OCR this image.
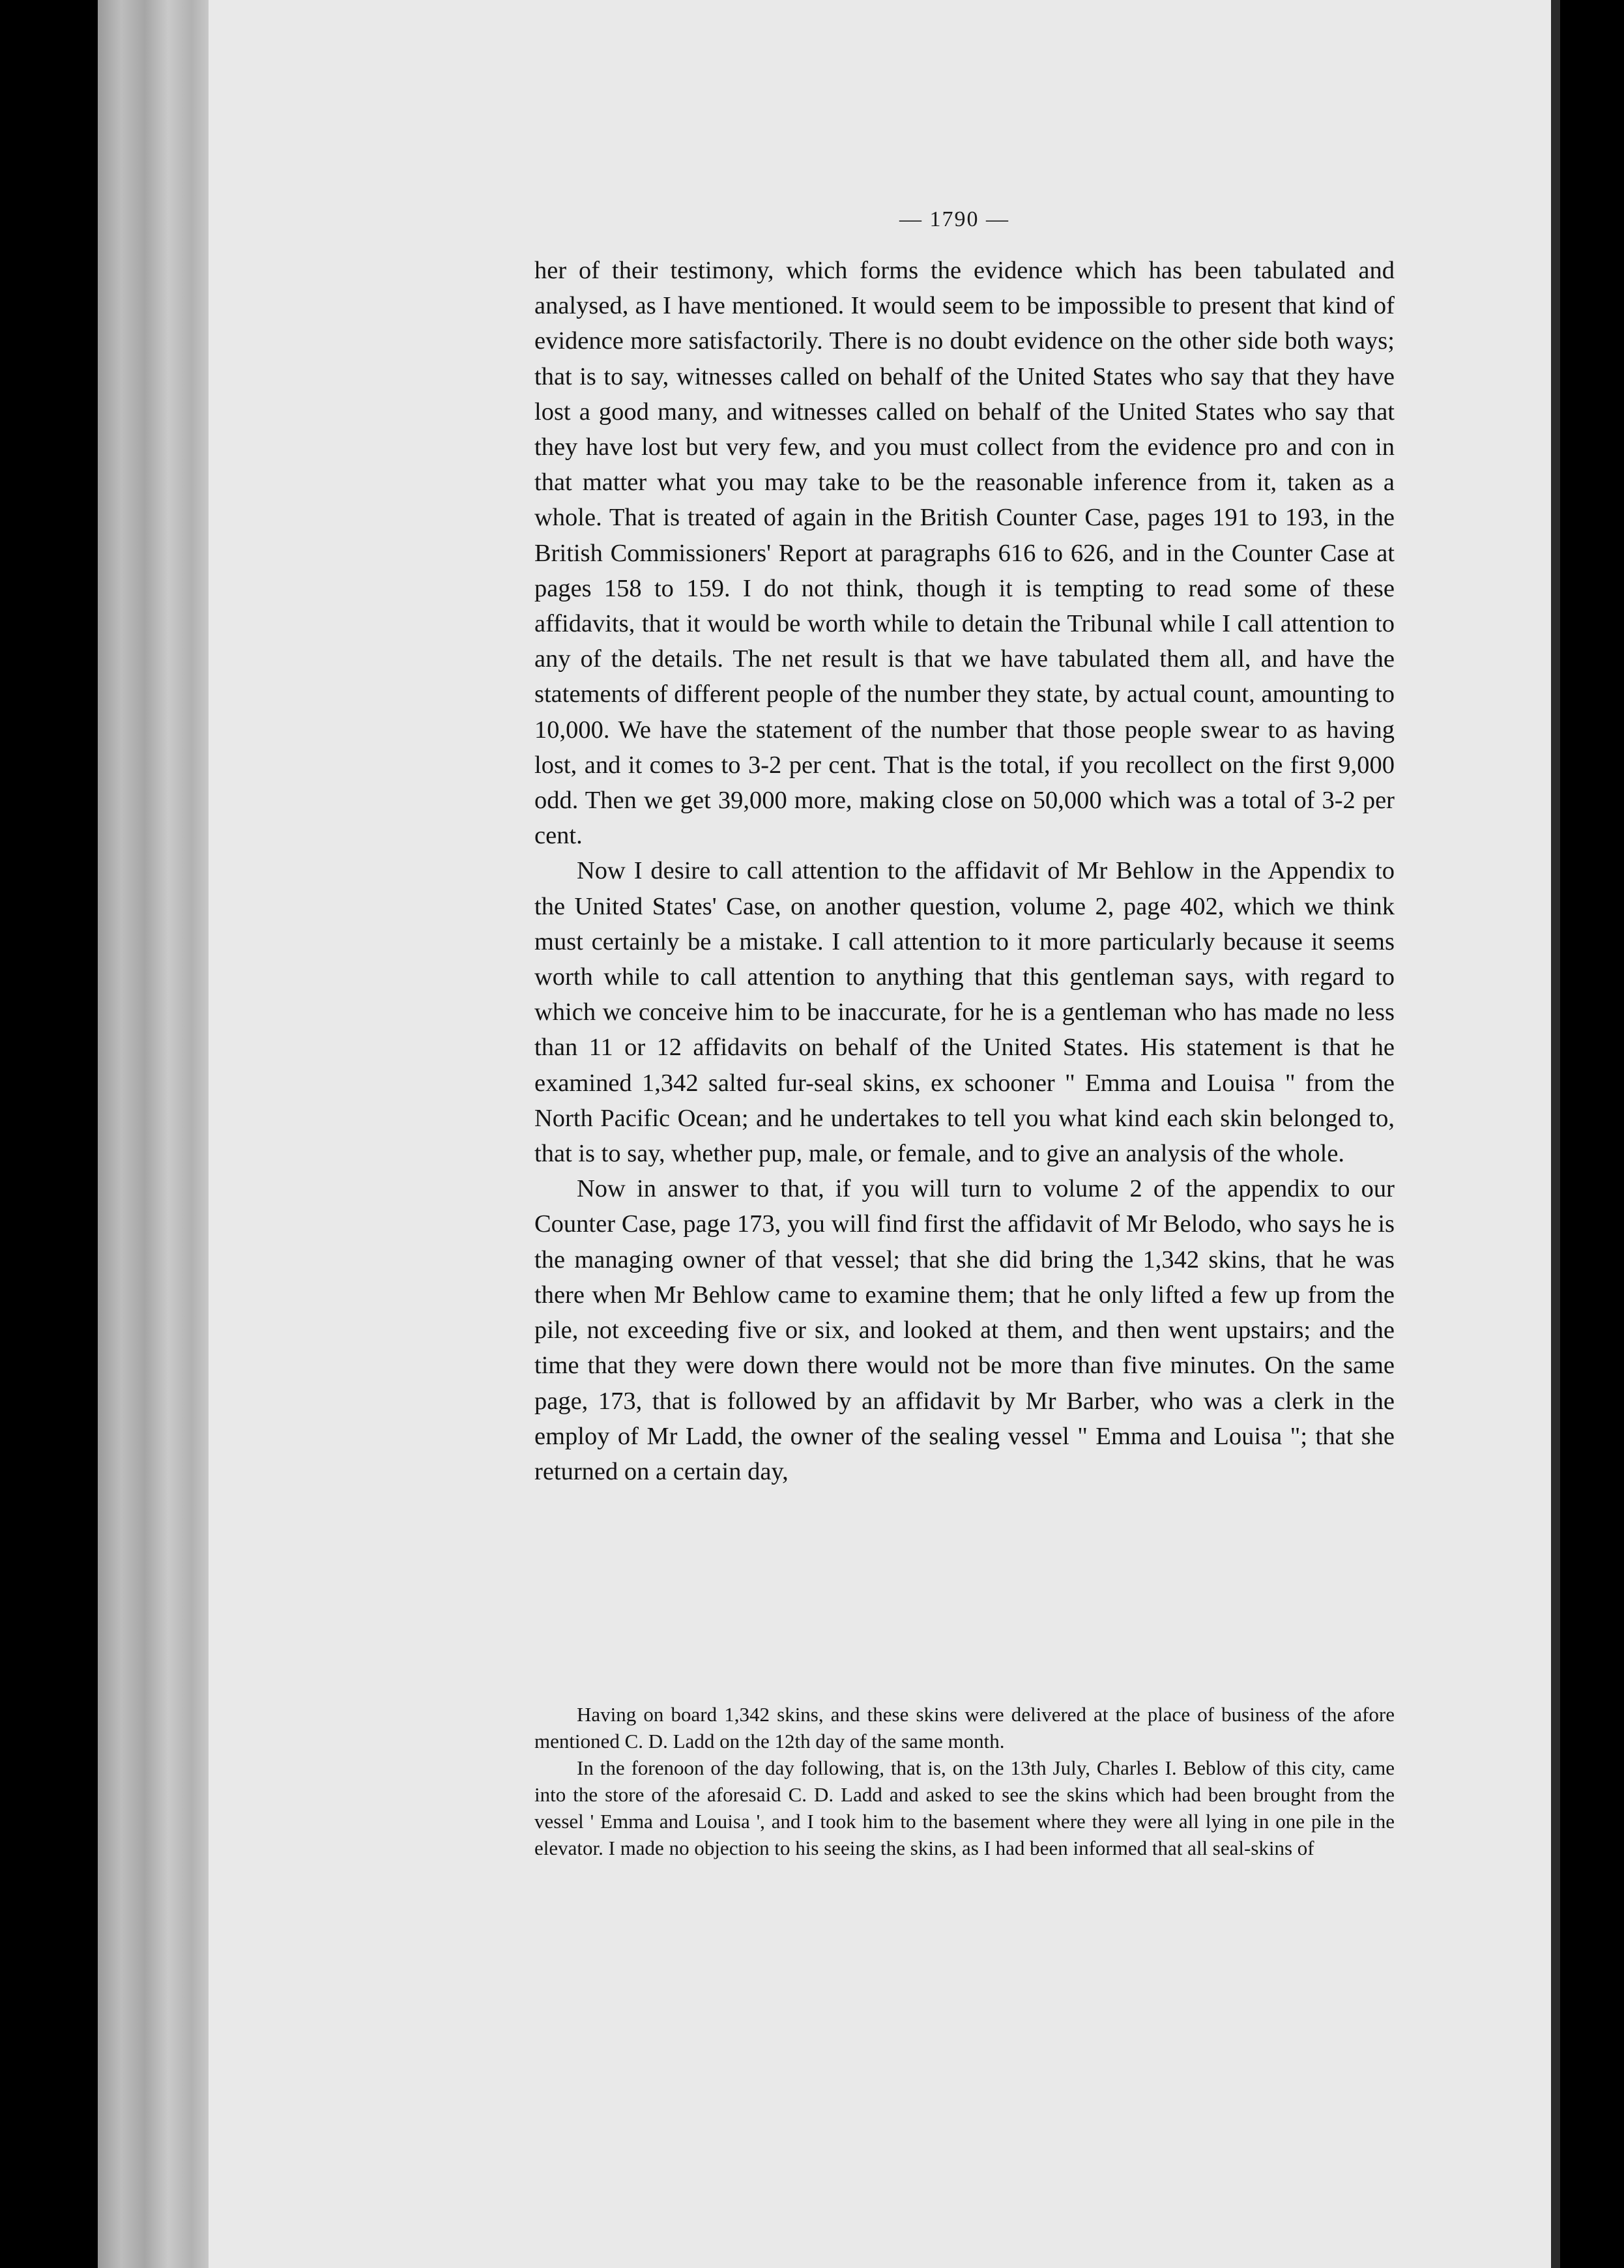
— 1790 —

her of their testimony, which forms the evidence which has been tabulated and analysed, as I have mentioned. It would seem to be impossible to present that kind of evidence more satisfactorily. There is no doubt evidence on the other side both ways; that is to say, witnesses called on behalf of the United States who say that they have lost a good many, and witnesses called on behalf of the United States who say that they have lost but very few, and you must collect from the evidence pro and con in that matter what you may take to be the reasonable inference from it, taken as a whole. That is treated of again in the British Counter Case, pages 191 to 193, in the British Commissioners' Report at paragraphs 616 to 626, and in the Counter Case at pages 158 to 159. I do not think, though it is tempting to read some of these affidavits, that it would be worth while to detain the Tribunal while I call attention to any of the details. The net result is that we have tabulated them all, and have the statements of different people of the number they state, by actual count, amounting to 10,000. We have the statement of the number that those people swear to as having lost, and it comes to 3-2 per cent. That is the total, if you recollect on the first 9,000 odd. Then we get 39,000 more, making close on 50,000 which was a total of 3-2 per cent.

Now I desire to call attention to the affidavit of Mr Behlow in the Appendix to the United States' Case, on another question, volume 2, page 402, which we think must certainly be a mistake. I call attention to it more particularly because it seems worth while to call attention to anything that this gentleman says, with regard to which we conceive him to be inaccurate, for he is a gentleman who has made no less than 11 or 12 affidavits on behalf of the United States. His statement is that he examined 1,342 salted fur-seal skins, ex schooner " Emma and Louisa " from the North Pacific Ocean; and he undertakes to tell you what kind each skin belonged to, that is to say, whether pup, male, or female, and to give an analysis of the whole.

Now in answer to that, if you will turn to volume 2 of the appendix to our Counter Case, page 173, you will find first the affidavit of Mr Belodo, who says he is the managing owner of that vessel; that she did bring the 1,342 skins, that he was there when Mr Behlow came to examine them; that he only lifted a few up from the pile, not exceeding five or six, and looked at them, and then went upstairs; and the time that they were down there would not be more than five minutes. On the same page, 173, that is followed by an affidavit by Mr Barber, who was a clerk in the employ of Mr Ladd, the owner of the sealing vessel " Emma and Louisa "; that she returned on a certain day,

Having on board 1,342 skins, and these skins were delivered at the place of business of the afore mentioned C. D. Ladd on the 12th day of the same month.

In the forenoon of the day following, that is, on the 13th July, Charles I. Beblow of this city, came into the store of the aforesaid C. D. Ladd and asked to see the skins which had been brought from the vessel ' Emma and Louisa ', and I took him to the basement where they were all lying in one pile in the elevator. I made no objection to his seeing the skins, as I had been informed that all seal-skins of
